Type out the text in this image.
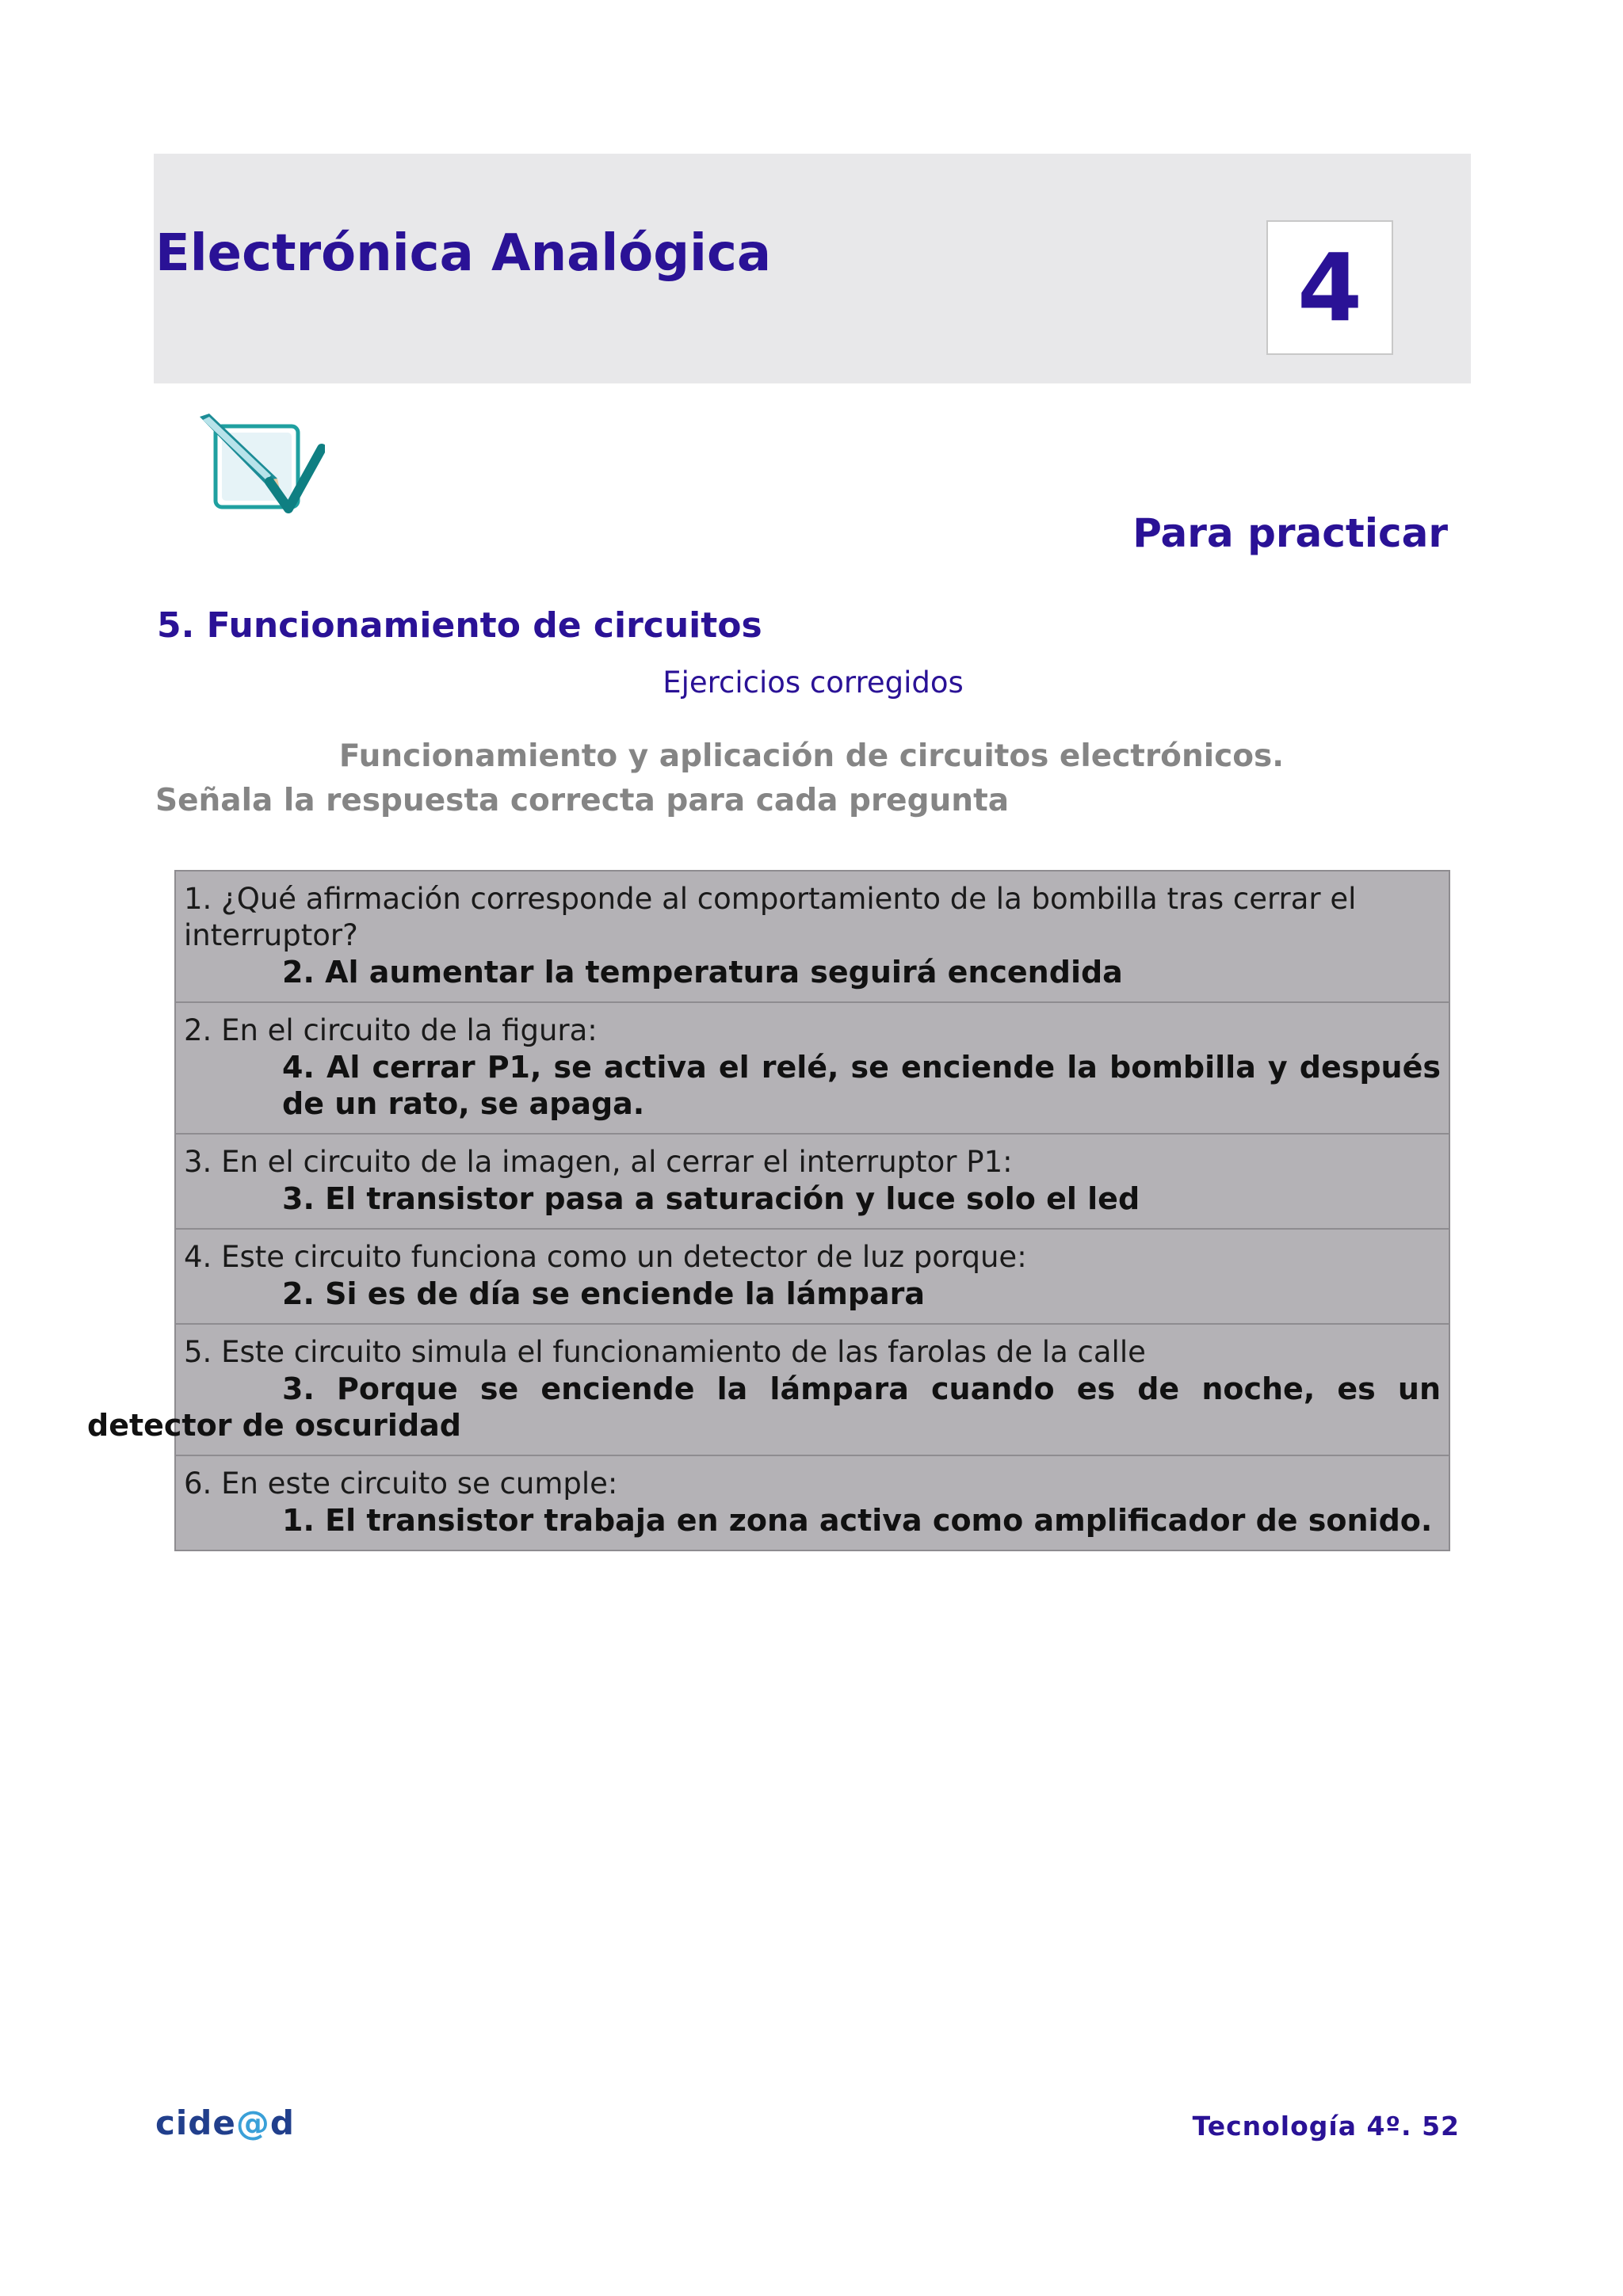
Electrónica Analógica	4
Para practicar
5. Funcionamiento de circuitos
Ejercicios corregidos
Funcionamiento y aplicación de circuitos electrónicos.
Señala la respuesta correcta para cada pregunta
1. ¿Qué afirmación corresponde al comportamiento de la bombilla tras cerrar el interruptor?
2. Al aumentar la temperatura seguirá encendida
2. En el circuito de la figura:
4. Al cerrar P1, se activa el relé, se enciende la bombilla y después de un rato, se apaga.
3. En el circuito de la imagen, al cerrar el interruptor P1:
3. El transistor pasa a saturación y luce solo el led
4. Este circuito funciona como un detector de luz porque:
2. Si es de día se enciende la lámpara
5. Este circuito simula el funcionamiento de las farolas de la calle
3. Porque se enciende la lámpara cuando es de noche, es un
detector de oscuridad
6. En este circuito se cumple:
1. El transistor trabaja en zona activa como amplificador de sonido.
cide@d	Tecnología 4º. 52
